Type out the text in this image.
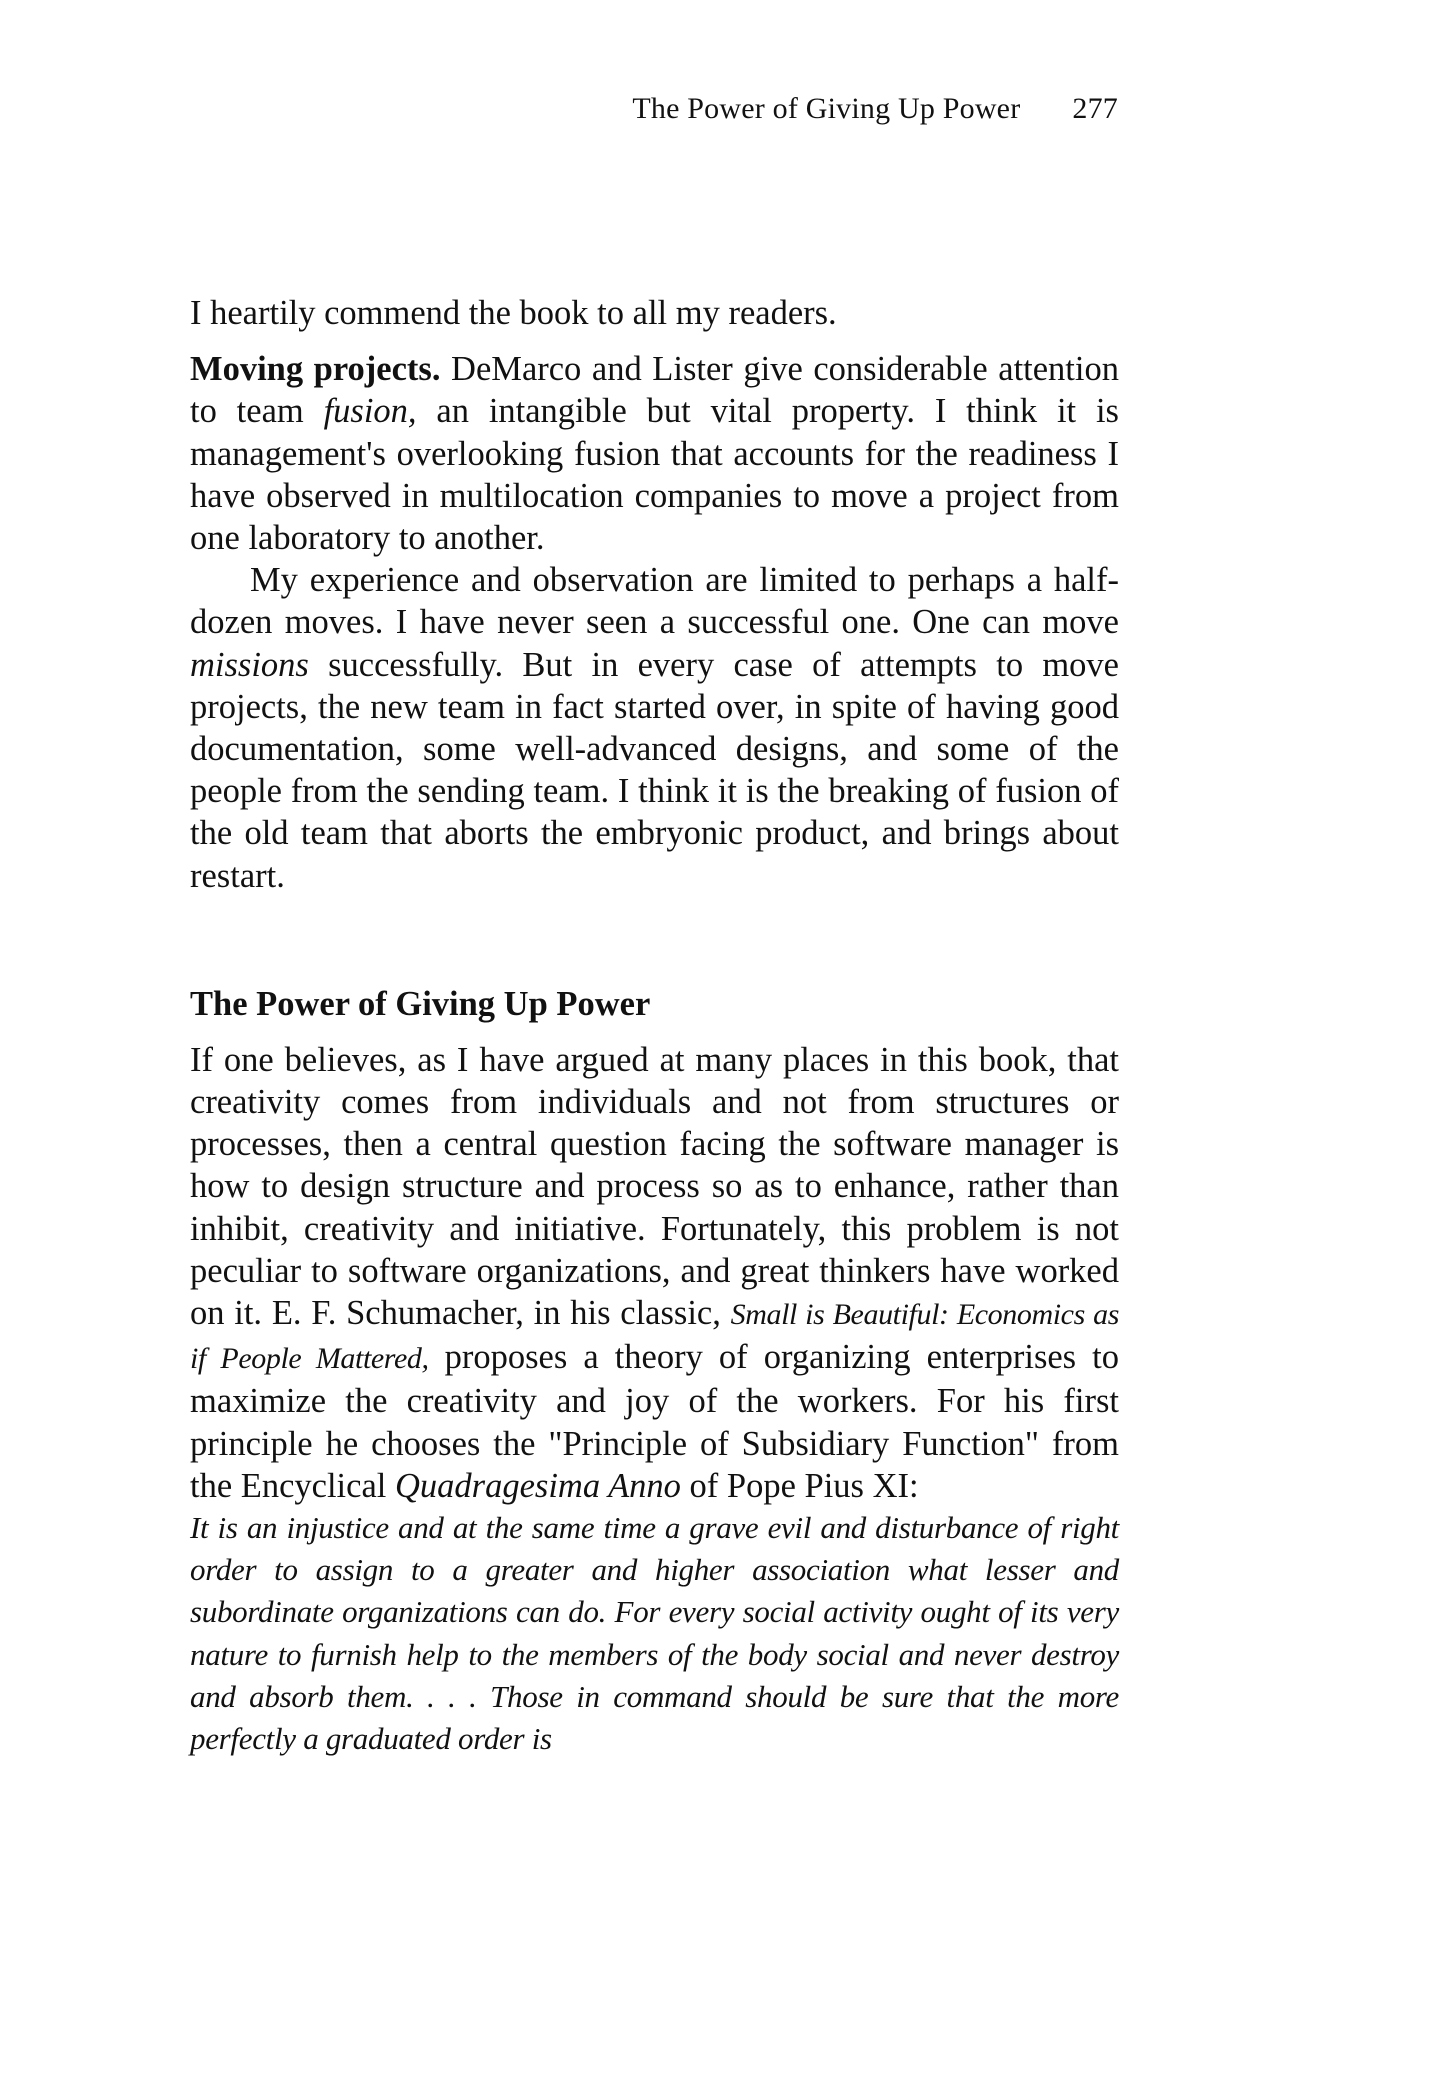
The Power of Giving Up Power 277

I heartily commend the book to all my readers.

Moving projects. DeMarco and Lister give considerable attention to team fusion, an intangible but vital property. I think it is management's overlooking fusion that accounts for the readiness I have observed in multilocation companies to move a project from one laboratory to another.

My experience and observation are limited to perhaps a half-dozen moves. I have never seen a successful one. One can move missions successfully. But in every case of attempts to move projects, the new team in fact started over, in spite of having good documentation, some well-advanced designs, and some of the people from the sending team. I think it is the breaking of fusion of the old team that aborts the embryonic product, and brings about restart.

The Power of Giving Up Power

If one believes, as I have argued at many places in this book, that creativity comes from individuals and not from structures or processes, then a central question facing the software manager is how to design structure and process so as to enhance, rather than inhibit, creativity and initiative. Fortunately, this problem is not peculiar to software organizations, and great thinkers have worked on it. E. F. Schumacher, in his classic, Small is Beautiful: Economics as if People Mattered, proposes a theory of organizing enterprises to maximize the creativity and joy of the workers. For his first principle he chooses the "Principle of Subsidiary Function" from the Encyclical Quadragesima Anno of Pope Pius XI:

It is an injustice and at the same time a grave evil and disturbance of right order to assign to a greater and higher association what lesser and subordinate organizations can do. For every social activity ought of its very nature to furnish help to the members of the body social and never destroy and absorb them. . . . Those in command should be sure that the more perfectly a graduated order is
